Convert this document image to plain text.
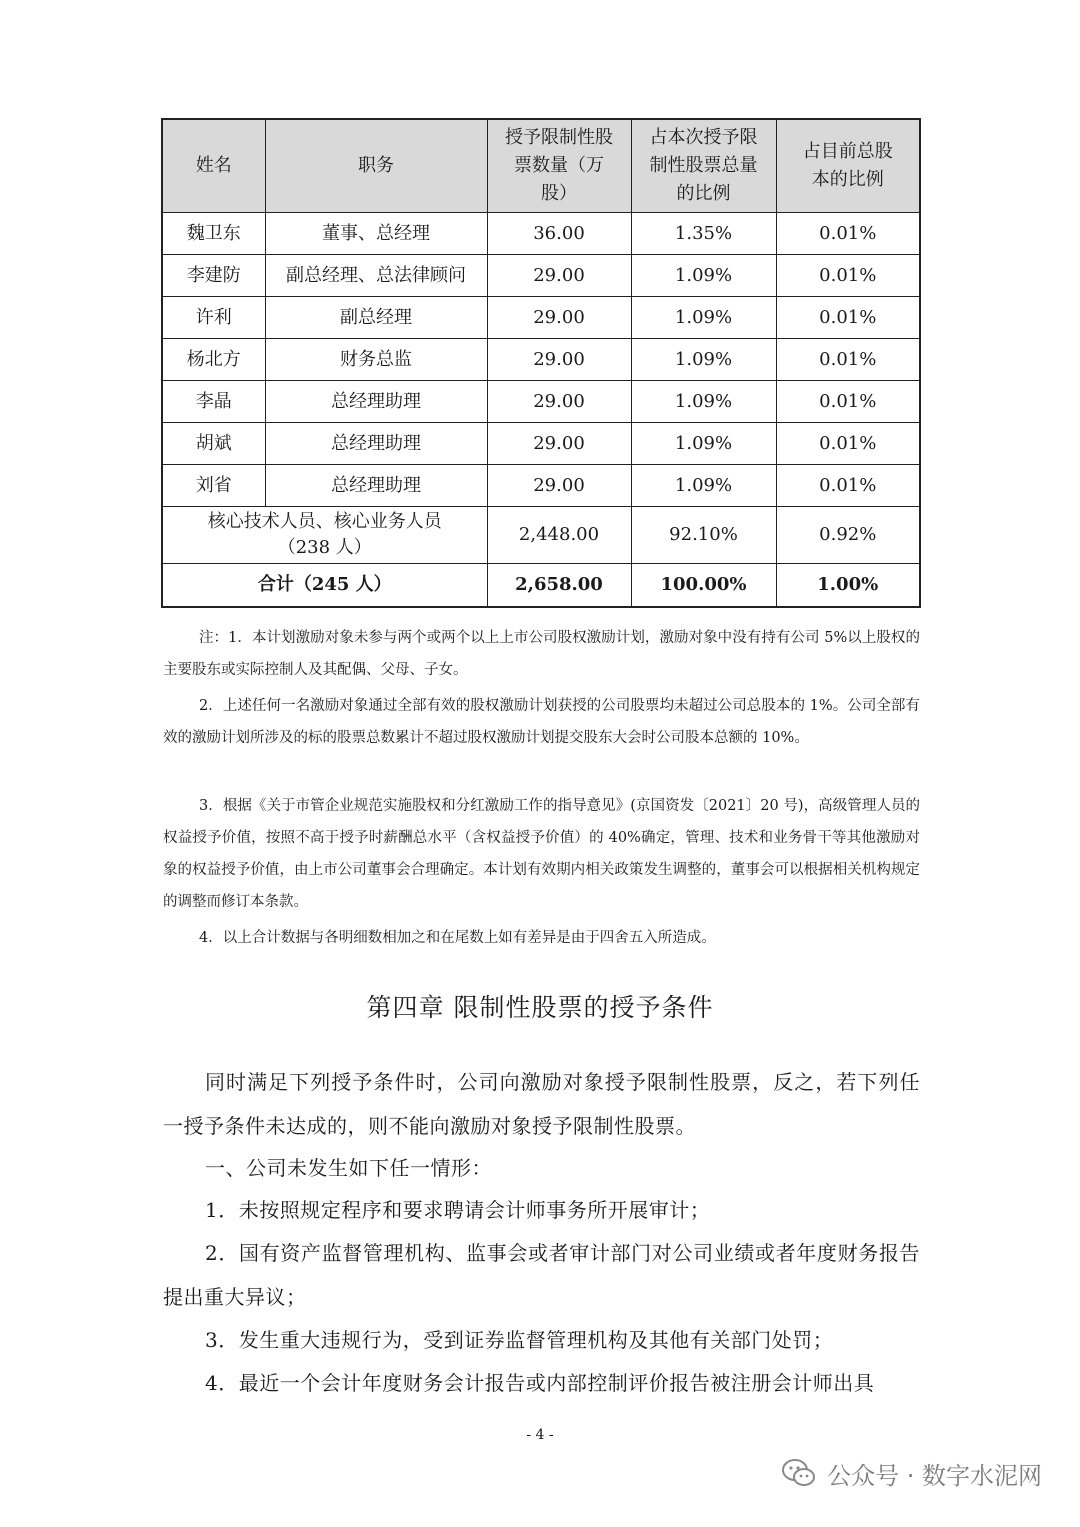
姓名	职务	授予限制性股票数量（万股）	占本次授予限制性股票总量的比例	占目前总股本的比例
魏卫东	董事、总经理	36.00	1.35%	0.01%
李建防	副总经理、总法律顾问	29.00	1.09%	0.01%
许利	副总经理	29.00	1.09%	0.01%
杨北方	财务总监	29.00	1.09%	0.01%
李晶	总经理助理	29.00	1.09%	0.01%
胡斌	总经理助理	29.00	1.09%	0.01%
刘省	总经理助理	29.00	1.09%	0.01%

核心技术人员、核心业务人员
（238 人）		2,448.00	92.10%	0.92%
合计（245 人）		2,658.00	100.00%	1.00%

注：1．本计划激励对象未参与两个或两个以上上市公司股权激励计划，激励对象中没有持有公司 5%以上股权的主要股东或实际控制人及其配偶、父母、子女。

2．上述任何一名激励对象通过全部有效的股权激励计划获授的公司股票均未超过公司总股本的 1%。公司全部有效的激励计划所涉及的标的股票总数累计不超过股权激励计划提交股东大会时公司股本总额的 10%。

3．根据《关于市管企业规范实施股权和分红激励工作的指导意见》(京国资发〔2021〕20 号)，高级管理人员的权益授予价值，按照不高于授予时薪酬总水平（含权益授予价值）的 40%确定，管理、技术和业务骨干等其他激励对象的权益授予价值，由上市公司董事会合理确定。本计划有效期内相关政策发生调整的，董事会可以根据相关机构规定的调整而修订本条款。

4．以上合计数据与各明细数相加之和在尾数上如有差异是由于四舍五入所造成。

第四章 限制性股票的授予条件

同时满足下列授予条件时，公司向激励对象授予限制性股票，反之，若下列任一授予条件未达成的，则不能向激励对象授予限制性股票。

一、公司未发生如下任一情形：

1．未按照规定程序和要求聘请会计师事务所开展审计；

2．国有资产监督管理机构、监事会或者审计部门对公司业绩或者年度财务报告提出重大异议；

3．发生重大违规行为，受到证券监督管理机构及其他有关部门处罚；

4．最近一个会计年度财务会计报告或内部控制评价报告被注册会计师出具

- 4 -
公众号 · 数字水泥网
